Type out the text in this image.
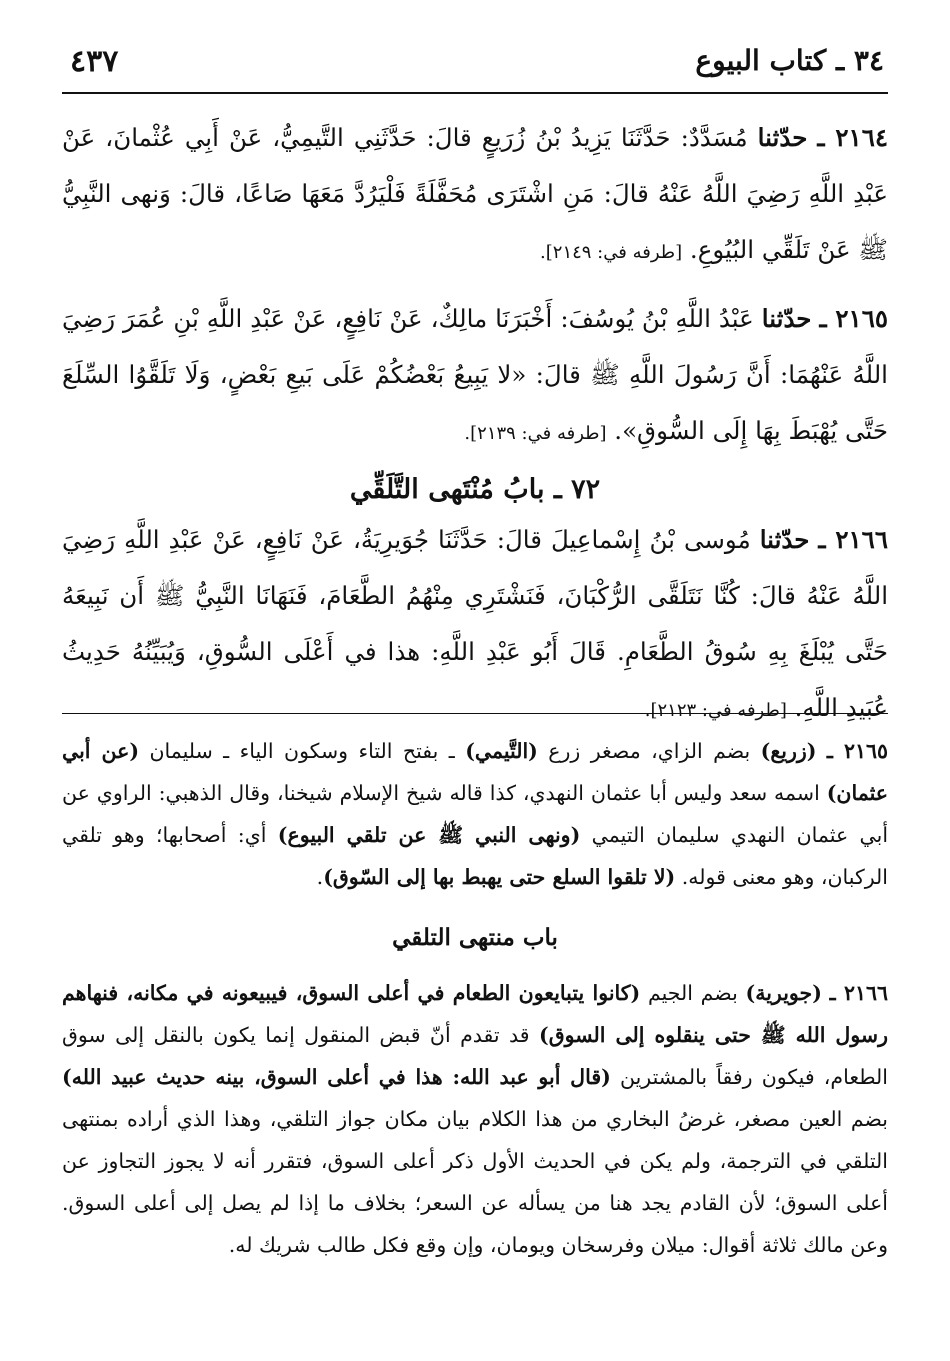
٣٤ ـ كتاب البيوع
٤٣٧

٢١٦٤ ـ حدّثنا مُسَدَّدٌ: حَدَّثَنَا يَزِيدُ بْنُ زُرَيعٍ قالَ: حَدَّثَنِي التَّيمِيُّ، عَنْ أَبِي عُثْمانَ، عَنْ عَبْدِ اللَّهِ رَضِيَ اللَّهُ عَنْهُ قالَ: مَنِ اشْتَرَى مُحَفَّلَةً فَلْيَرُدَّ مَعَهَا صَاعًا، قالَ: وَنهى النَّبِيُّ ﷺ عَنْ تَلَقِّي البُيُوعِ. [طرفه في: ٢١٤٩].

٢١٦٥ ـ حدّثنا عَبْدُ اللَّهِ بْنُ يُوسُفَ: أَخْبَرَنَا مالِكٌ، عَنْ نَافِعٍ، عَنْ عَبْدِ اللَّهِ بْنِ عُمَرَ رَضِيَ اللَّهُ عَنْهُمَا: أَنَّ رَسُولَ اللَّهِ ﷺ قالَ: «لا يَبِيعُ بَعْضُكُمْ عَلَى بَيعِ بَعْضٍ، وَلَا تَلَقَّوُا السِّلَعَ حَتَّى يُهْبَطَ بِهَا إِلَى السُّوقِ». [طرفه في: ٢١٣٩].

٧٢ ـ بابُ مُنْتَهى التَّلَقِّي

٢١٦٦ ـ حدّثنا مُوسى بْنُ إِسْماعِيلَ قالَ: حَدَّثَنَا جُوَيرِيَةُ، عَنْ نَافِعٍ، عَنْ عَبْدِ اللَّهِ رَضِيَ اللَّهُ عَنْهُ قالَ: كُنَّا نَتَلَقَّى الرُّكْبَانَ، فَنَشْتَرِي مِنْهُمُ الطَّعَامَ، فَنَهَانَا النَّبِيُّ ﷺ أَن نَبِيعَهُ حَتَّى يُبْلَغَ بِهِ سُوقُ الطَّعَامِ. قَالَ أَبُو عَبْدِ اللَّهِ: هذا في أَعْلَى السُّوقِ، وَيُبَيِّنُهُ حَدِيثُ عُبَيدِ اللَّهِ. [طرفه في: ٢١٢٣].

٢١٦٥ ـ (زريع) بضم الزاي، مصغر زرع (التَّيمي) ـ بفتح التاء وسكون الياء ـ سليمان (عن أبي عثمان) اسمه سعد وليس أبا عثمان النهدي، كذا قاله شيخ الإسلام شيخنا، وقال الذهبي: الراوي عن أبي عثمان النهدي سليمان التيمي (ونهى النبي ﷺ عن تلقي البيوع) أي: أصحابها؛ وهو تلقي الركبان، وهو معنى قوله. (لا تلقوا السلع حتى يهبط بها إلى السّوق).

باب منتهى التلقي

٢١٦٦ ـ (جويرية) بضم الجيم (كانوا يتبايعون الطعام في أعلى السوق، فيبيعونه في مكانه، فنهاهم رسول الله ﷺ حتى ينقلوه إلى السوق) قد تقدم أنّ قبض المنقول إنما يكون بالنقل إلى سوق الطعام، فيكون رفقاً بالمشترين (قال أبو عبد الله: هذا في أعلى السوق، بينه حديث عبيد الله) بضم العين مصغر، غرضُ البخاري من هذا الكلام بيان مكان جواز التلقي، وهذا الذي أراده بمنتهى التلقي في الترجمة، ولم يكن في الحديث الأول ذكر أعلى السوق، فتقرر أنه لا يجوز التجاوز عن أعلى السوق؛ لأن القادم يجد هنا من يسأله عن السعر؛ بخلاف ما إذا لم يصل إلى أعلى السوق. وعن مالك ثلاثة أقوال: ميلان وفرسخان ويومان، وإن وقع فكل طالب شريك له.
